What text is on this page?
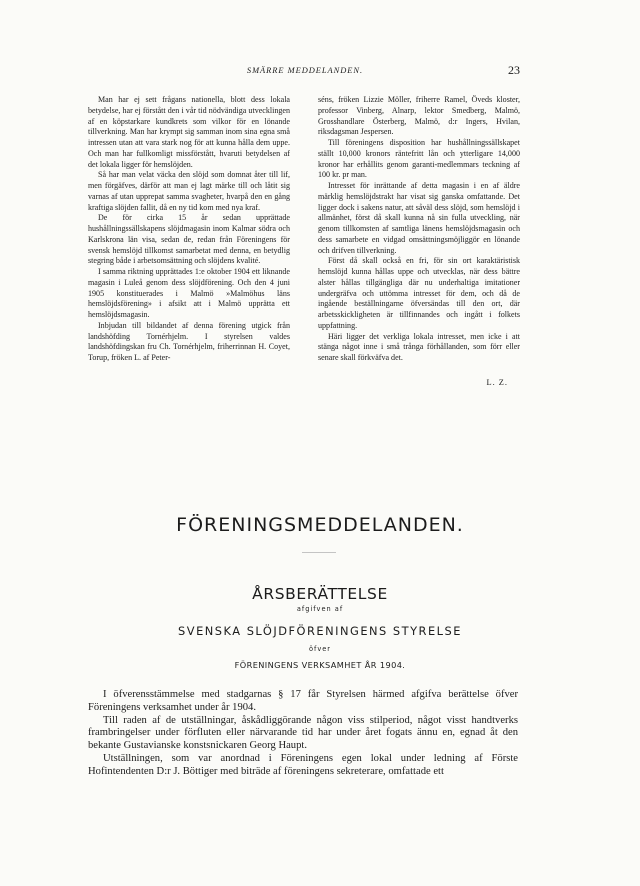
SMÄRRE MEDDELANDEN.	23

Man har ej sett frågans nationella, blott dess lokala betydelse, har ej förstått den i vår tid nödvändiga utvecklingen af en köpstarkare kundkrets som vilkor för en lönande tillverkning. Man har krympt sig samman inom sina egna små intressen utan att vara stark nog för att kunna hålla dem uppe. Och man har fullkomligt missförstått, hvaruti betydelsen af det lokala ligger för hemslöjden.

Så har man velat väcka den slöjd som domnat åter till lif, men förgäfves, därför att man ej lagt märke till och låtit sig varnas af utan upprepat samma svagheter, hvarpå den en gång kraftiga slöjden fallit, då en ny tid kom med nya kraf.

De för cirka 15 år sedan upprättade hushållningssällskapens slöjdmagasin inom Kalmar södra och Karlskrona län visa, sedan de, redan från Föreningens för svensk hemslöjd tillkomst samarbetat med denna, en betydlig stegring både i arbetsomsättning och slöjdens kvalité.

I samma riktning upprättades 1:e oktober 1904 ett liknande magasin i Luleå genom dess slöjdförening. Och den 4 juni 1905 konstituerades i Malmö »Malmöhus läns hemslöjdsförening» i afsikt att i Malmö upprätta ett hemslöjdsmagasin.

Inbjudan till bildandet af denna förening utgick från landshöfding Tornérhjelm. I styrelsen valdes landshöfdingskan fru Ch. Tornérhjelm, friherrinnan H. Coyet, Torup, fröken L. af Peter-

séns, fröken Lizzie Möller, friherre Ramel, Öveds kloster, professor Vinberg, Alnarp, lektor Smedberg, Malmö, Grosshandlare Österberg, Malmö, d:r Ingers, Hvilan, riksdagsman Jespersen.

Till föreningens disposition har hushållningssällskapet ställt 10,000 kronors räntefritt lån och ytterligare 14,000 kronor har erhållits genom garanti-medlemmars teckning af 100 kr. pr man.

Intresset för inrättande af detta magasin i en af äldre märklig hemslöjdstrakt har visat sig ganska omfattande. Det ligger dock i sakens natur, att såväl dess slöjd, som hemslöjd i allmänhet, först då skall kunna nå sin fulla utveckling, när genom tillkomsten af samtliga länens hemslöjdsmagasin och dess samarbete en vidgad omsättningsmöjliggör en lönande och drifven tillverkning.

Först då skall också en fri, för sin ort karaktäristisk hemslöjd kunna hållas uppe och utvecklas, när dess bättre alster hållas tillgängliga där nu underhaltiga imitationer undergräfva och uttömma intresset för dem, och då de ingående beställningarne öfversändas till den ort, där arbetsskickligheten är tillfinnandes och ingått i folkets uppfattning.

Häri ligger det verkliga lokala intresset, men icke i att stänga något inne i små trånga förhållanden, som förr eller senare skall förkväfva det.

L. Z.
FÖRENINGSMEDDELANDEN.
ÅRSBERÄTTELSE
afgifven af
SVENSKA SLÖJDFÖRENINGENS STYRELSE
öfver
FÖRENINGENS VERKSAMHET ÅR 1904.

I öfverensstämmelse med stadgarnas § 17 får Styrelsen härmed afgifva berättelse öfver Föreningens verksamhet under år 1904.

Till raden af de utställningar, åskådliggörande någon viss stilperiod, något visst handtverks frambringelser under förfluten eller närvarande tid har under året fogats ännu en, egnad åt den bekante Gustavianske konstsnickaren Georg Haupt.

Utställningen, som var anordnad i Föreningens egen lokal under ledning af Förste Hofintendenten D:r J. Böttiger med biträde af föreningens sekreterare, omfattade ett
